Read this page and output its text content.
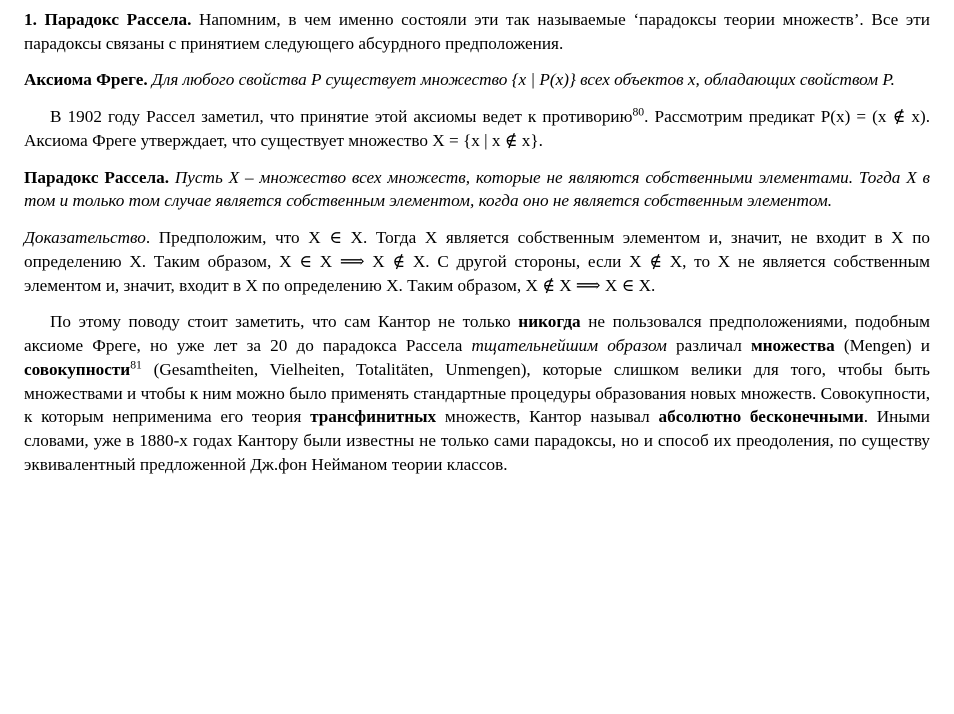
1. Парадокс Рассела. Напомним, в чем именно состояли эти так называемые ‘парадоксы теории множеств’. Все эти парадоксы связаны с принятием следующего абсурдного предположения.

Аксиома Фреге. Для любого свойства P существует множество {x | P(x)} всех объектов x, обладающих свойством P.

В 1902 году Рассел заметил, что принятие этой аксиомы ведет к противорию$^{80}$. Рассмотрим предикат P(x) = (x ∉ x). Аксиома Фреге утверждает, что существует множество X = {x | x ∉ x}.

Парадокс Рассела. Пусть X – множество всех множеств, которые не являются собственными элементами. Тогда X в том и только том случае является собственным элементом, когда оно не является собственным элементом.

Доказательство. Предположим, что X ∈ X. Тогда X является собственным элементом и, значит, не входит в X по определению X. Таким образом, X ∈ X ⟹ X ∉ X. С другой стороны, если X ∉ X, то X не является собственным элементом и, значит, входит в X по определению X. Таким образом, X ∉ X ⟹ X ∈ X.

По этому поводу стоит заметить, что сам Кантор не только никогда не пользовался предположениями, подобным аксиоме Фреге, но уже лет за 20 до парадокса Рассела тщательнейшим образом различал множества (Mengen) и совокупности$^{81}$ (Gesamtheiten, Vielheiten, Totalitäten, Unmengen), которые слишком велики для того, чтобы быть множествами и чтобы к ним можно было применять стандартные процедуры образования новых множеств. Совокупности, к которым неприменима его теория трансфинитных множеств, Кантор называл абсолютно бесконечными. Иными словами, уже в 1880-х годах Кантору были известны не только сами парадоксы, но и способ их преодоления, по существу эквивалентный предложенной Дж.фон Нейманом теории классов.
